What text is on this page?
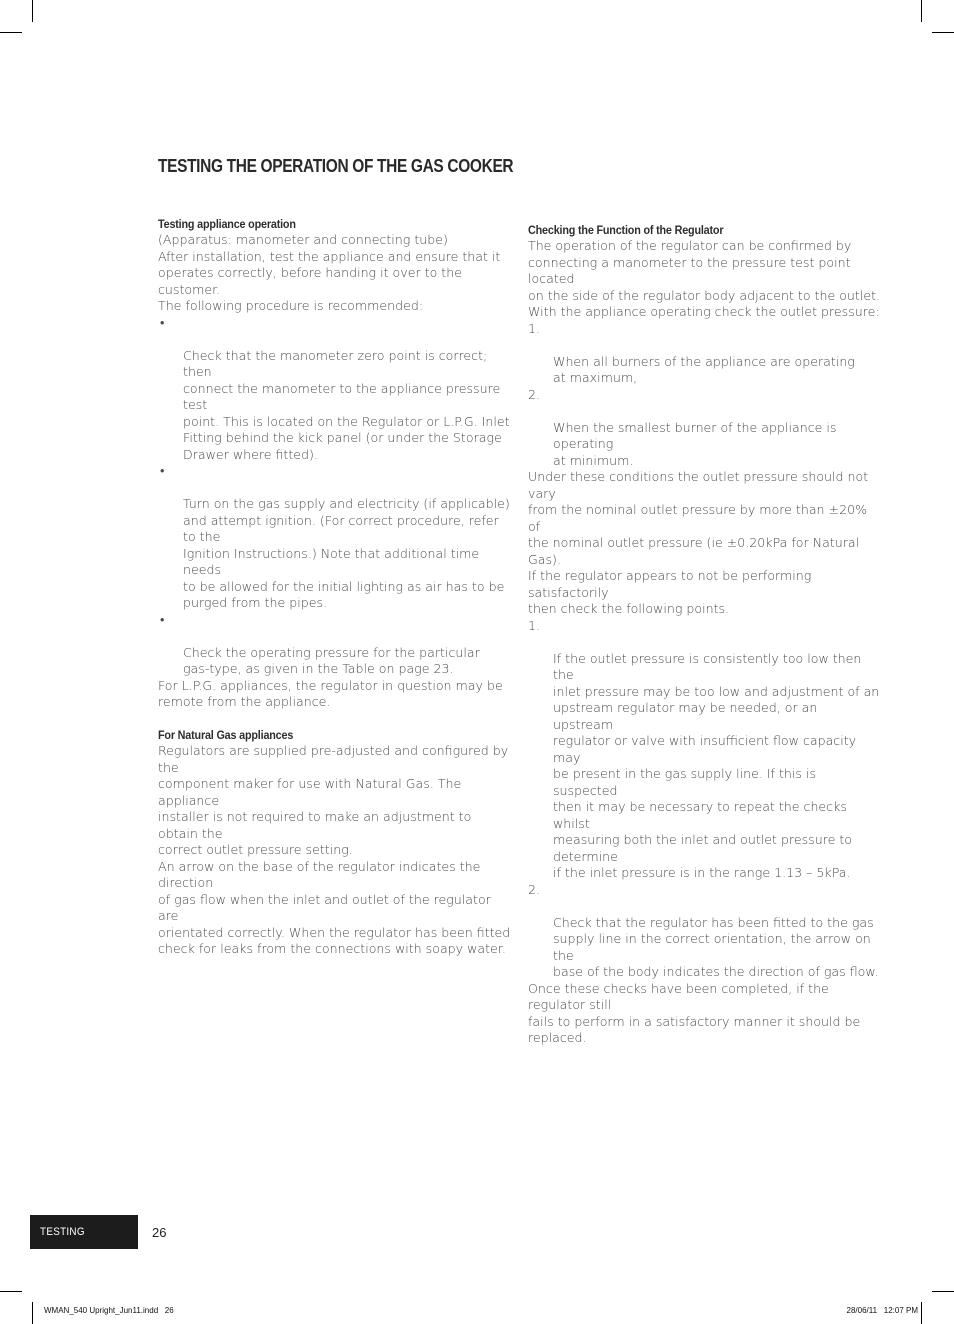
TESTING THE OPERATION OF THE GAS COOKER
Testing appliance operation

(Apparatus: manometer and connecting tube)
After installation, test the appliance and ensure that it
operates correctly, before handing it over to the customer.
The following procedure is recommended:

•

Check that the manometer zero point is correct; then
connect the manometer to the appliance pressure test
point. This is located on the Regulator or L.P.G. Inlet
Fitting behind the kick panel (or under the Storage
Drawer where fitted).

•

Turn on the gas supply and electricity (if applicable)
and attempt ignition. (For correct procedure, refer to the
Ignition Instructions.) Note that additional time needs
to be allowed for the initial lighting as air has to be
purged from the pipes.

•

Check the operating pressure for the particular
gas-type, as given in the Table on page 23.

For L.P.G. appliances, the regulator in question may be
remote from the appliance.

For Natural Gas appliances

Regulators are supplied pre-adjusted and configured by the
component maker for use with Natural Gas. The appliance
installer is not required to make an adjustment to obtain the
correct outlet pressure setting.

An arrow on the base of the regulator indicates the direction
of gas flow when the inlet and outlet of the regulator are
orientated correctly. When the regulator has been fitted
check for leaks from the connections with soapy water.

Checking the Function of the Regulator

The operation of the regulator can be confirmed by
connecting a manometer to the pressure test point located
on the side of the regulator body adjacent to the outlet.
With the appliance operating check the outlet pressure:

1.

When all burners of the appliance are operating
at maximum,

2.

When the smallest burner of the appliance is operating
at minimum.

Under these conditions the outlet pressure should not vary
from the nominal outlet pressure by more than ±20% of
the nominal outlet pressure (ie ±0.20kPa for Natural Gas).
If the regulator appears to not be performing satisfactorily
then check the following points.

1.

If the outlet pressure is consistently too low then the
inlet pressure may be too low and adjustment of an
upstream regulator may be needed, or an upstream
regulator or valve with insufficient flow capacity may
be present in the gas supply line. If this is suspected
then it may be necessary to repeat the checks whilst
measuring both the inlet and outlet pressure to determine
if the inlet pressure is in the range 1.13 – 5kPa.

2.

Check that the regulator has been fitted to the gas
supply line in the correct orientation, the arrow on the
base of the body indicates the direction of gas flow.

Once these checks have been completed, if the regulator still
fails to perform in a satisfactory manner it should be replaced.

TESTING	26
WMAN_540 Upright_Jun11.indd   26	28/06/11   12:07 PM
